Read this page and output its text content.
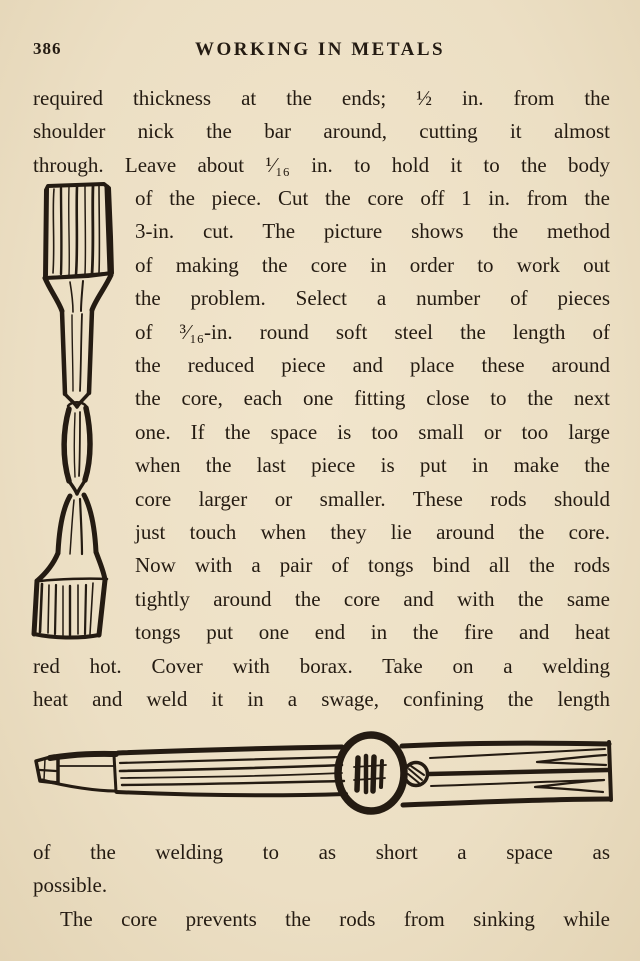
386	WORKING IN METALS
required thickness at the ends; ½ in. from the
shoulder nick the bar around, cutting it almost
through. Leave about ¹⁄₁₆ in. to hold it to the body
of the piece. Cut the core off 1 in. from the
3-in. cut. The picture shows the method
of making the core in order to work out
the problem. Select a number of pieces
of ³⁄₁₆-in. round soft steel the length of
the reduced piece and place these around
the core, each one fitting close to the next
one. If the space is too small or too large
when the last piece is put in make the
core larger or smaller. These rods should
just touch when they lie around the core.
Now with a pair of tongs bind all the rods
tightly around the core and with the same
tongs put one end in the fire and heat
red hot. Cover with borax. Take on a welding
heat and weld it in a swage, confining the length
of the welding to as short a space as
possible.
The core prevents the rods from sinking while
